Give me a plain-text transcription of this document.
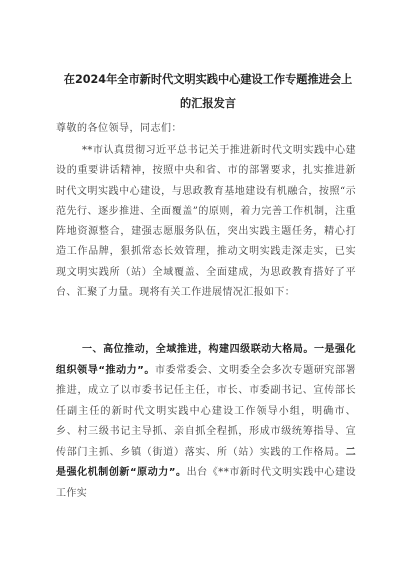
在2024年全市新时代文明实践中心建设工作专题推进会上的汇报发言

尊敬的各位领导，同志们：

**市认真贯彻习近平总书记关于推进新时代文明实践中心建设的重要讲话精神，按照中央和省、市的部署要求，扎实推进新时代文明实践中心建设，与思政教育基地建设有机融合，按照“示范先行、逐步推进、全面覆盖”的原则，着力完善工作机制，注重阵地资源整合，建强志愿服务队伍，突出实践主题任务，精心打造工作品牌，狠抓常态长效管理，推动文明实践走深走实，已实现文明实践所（站）全域覆盖、全面建成，为思政教育搭好了平台、汇聚了力量。现将有关工作进展情况汇报如下：

一、高位推动，全域推进，构建四级联动大格局。一是强化组织领导“推动力”。市委常委会、文明委全会多次专题研究部署推进，成立了以市委书记任主任，市长、市委副书记、宣传部长任副主任的新时代文明实践中心建设工作领导小组，明确市、乡、村三级书记主导抓、亲自抓全程抓，形成市级统筹指导、宣传部门主抓、乡镇（街道）落实、所（站）实践的工作格局。二是强化机制创新“原动力”。出台《**市新时代文明实践中心建设工作实
